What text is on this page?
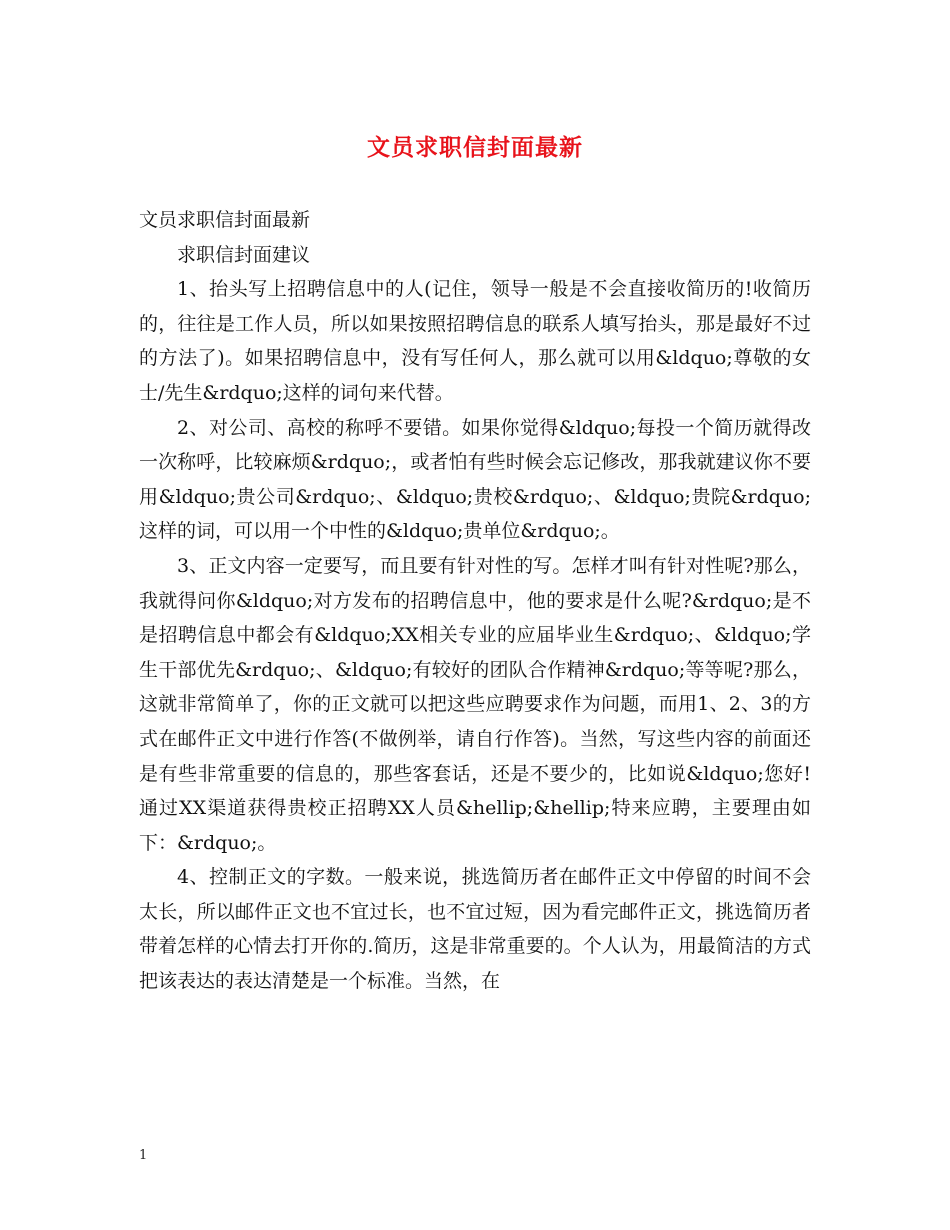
文员求职信封面最新

文员求职信封面最新

求职信封面建议

1、抬头写上招聘信息中的人(记住，领导一般是不会直接收简历的!收简历的，往往是工作人员，所以如果按照招聘信息的联系人填写抬头，那是最好不过的方法了)。如果招聘信息中，没有写任何人，那么就可以用&ldquo;尊敬的女士/先生&rdquo;这样的词句来代替。

2、对公司、高校的称呼不要错。如果你觉得&ldquo;每投一个简历就得改一次称呼，比较麻烦&rdquo;，或者怕有些时候会忘记修改，那我就建议你不要用&ldquo;贵公司&rdquo;、&ldquo;贵校&rdquo;、&ldquo;贵院&rdquo;这样的词，可以用一个中性的&ldquo;贵单位&rdquo;。

3、正文内容一定要写，而且要有针对性的写。怎样才叫有针对性呢?那么，我就得问你&ldquo;对方发布的招聘信息中，他的要求是什么呢?&rdquo;是不是招聘信息中都会有&ldquo;XX相关专业的应届毕业生&rdquo;、&ldquo;学生干部优先&rdquo;、&ldquo;有较好的团队合作精神&rdquo;等等呢?那么，这就非常简单了，你的正文就可以把这些应聘要求作为问题，而用1、2、3的方式在邮件正文中进行作答(不做例举，请自行作答)。当然，写这些内容的前面还是有些非常重要的信息的，那些客套话，还是不要少的，比如说&ldquo;您好!通过XX渠道获得贵校正招聘XX人员&hellip;&hellip;特来应聘，主要理由如下：&rdquo;。

4、控制正文的字数。一般来说，挑选简历者在邮件正文中停留的时间不会太长，所以邮件正文也不宜过长，也不宜过短，因为看完邮件正文，挑选简历者带着怎样的心情去打开你的.简历，这是非常重要的。个人认为，用最简洁的方式把该表达的表达清楚是一个标准。当然，在

1
